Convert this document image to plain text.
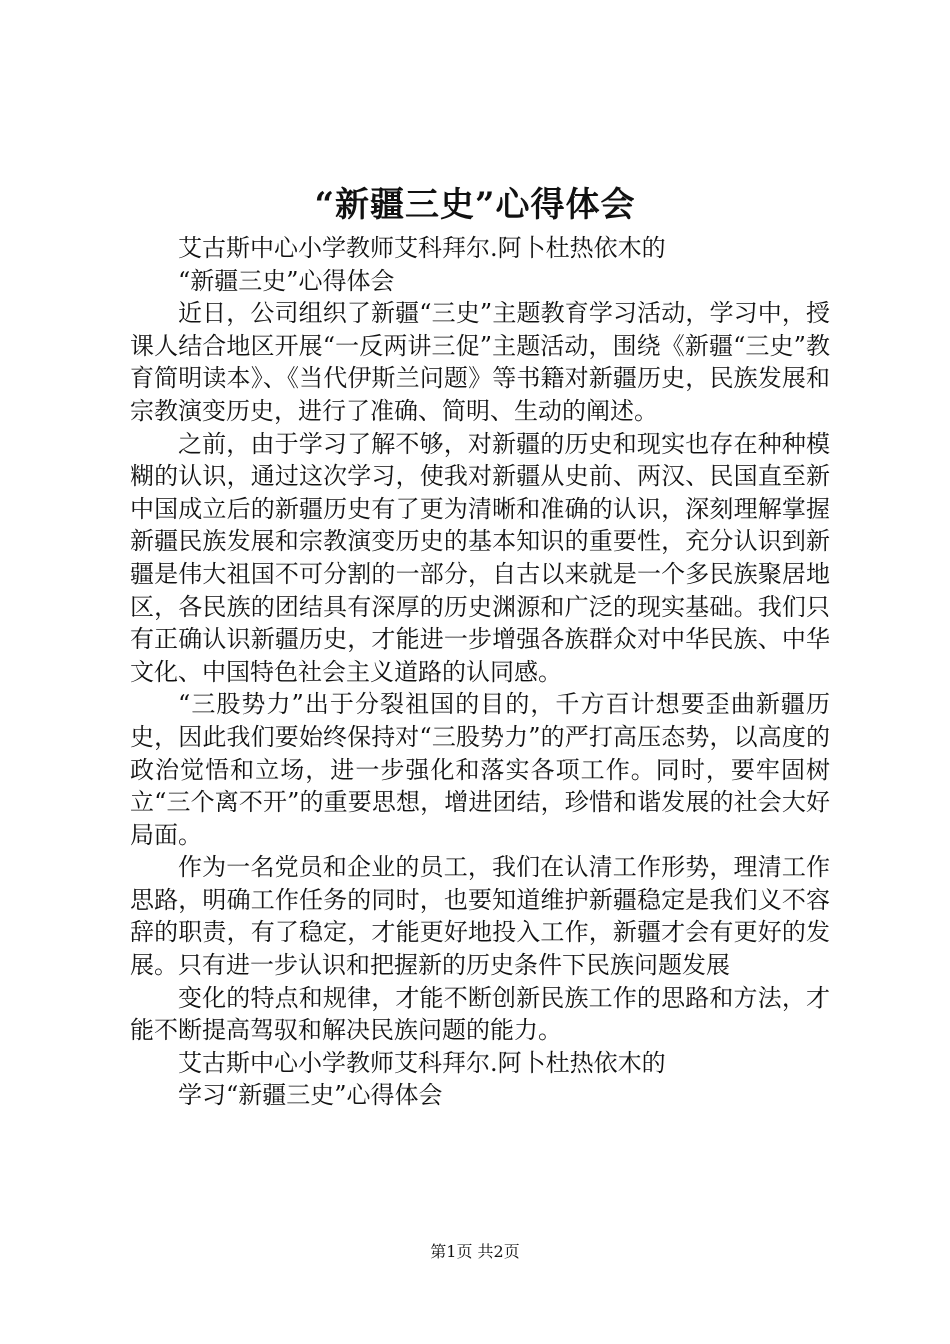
“新疆三史”心得体会

艾古斯中心小学教师艾科拜尔.阿卜杜热依木的

“新疆三史”心得体会

近日，公司组织了新疆“三史”主题教育学习活动，学习中，授课人结合地区开展“一反两讲三促”主题活动，围绕《新疆“三史”教育简明读本》、《当代伊斯兰问题》等书籍对新疆历史，民族发展和宗教演变历史，进行了准确、简明、生动的阐述。

之前，由于学习了解不够，对新疆的历史和现实也存在种种模糊的认识，通过这次学习，使我对新疆从史前、两汉、民国直至新中国成立后的新疆历史有了更为清晰和准确的认识，深刻理解掌握新疆民族发展和宗教演变历史的基本知识的重要性，充分认识到新疆是伟大祖国不可分割的一部分，自古以来就是一个多民族聚居地区，各民族的团结具有深厚的历史渊源和广泛的现实基础。我们只有正确认识新疆历史，才能进一步增强各族群众对中华民族、中华文化、中国特色社会主义道路的认同感。

“三股势力”出于分裂祖国的目的，千方百计想要歪曲新疆历史，因此我们要始终保持对“三股势力”的严打高压态势，以高度的政治觉悟和立场，进一步强化和落实各项工作。同时，要牢固树立“三个离不开”的重要思想，增进团结，珍惜和谐发展的社会大好局面。

作为一名党员和企业的员工，我们在认清工作形势，理清工作思路，明确工作任务的同时，也要知道维护新疆稳定是我们义不容辞的职责，有了稳定，才能更好地投入工作，新疆才会有更好的发展。只有进一步认识和把握新的历史条件下民族问题发展

变化的特点和规律，才能不断创新民族工作的思路和方法，才能不断提高驾驭和解决民族问题的能力。

艾古斯中心小学教师艾科拜尔.阿卜杜热依木的

学习“新疆三史”心得体会

第1页 共2页
